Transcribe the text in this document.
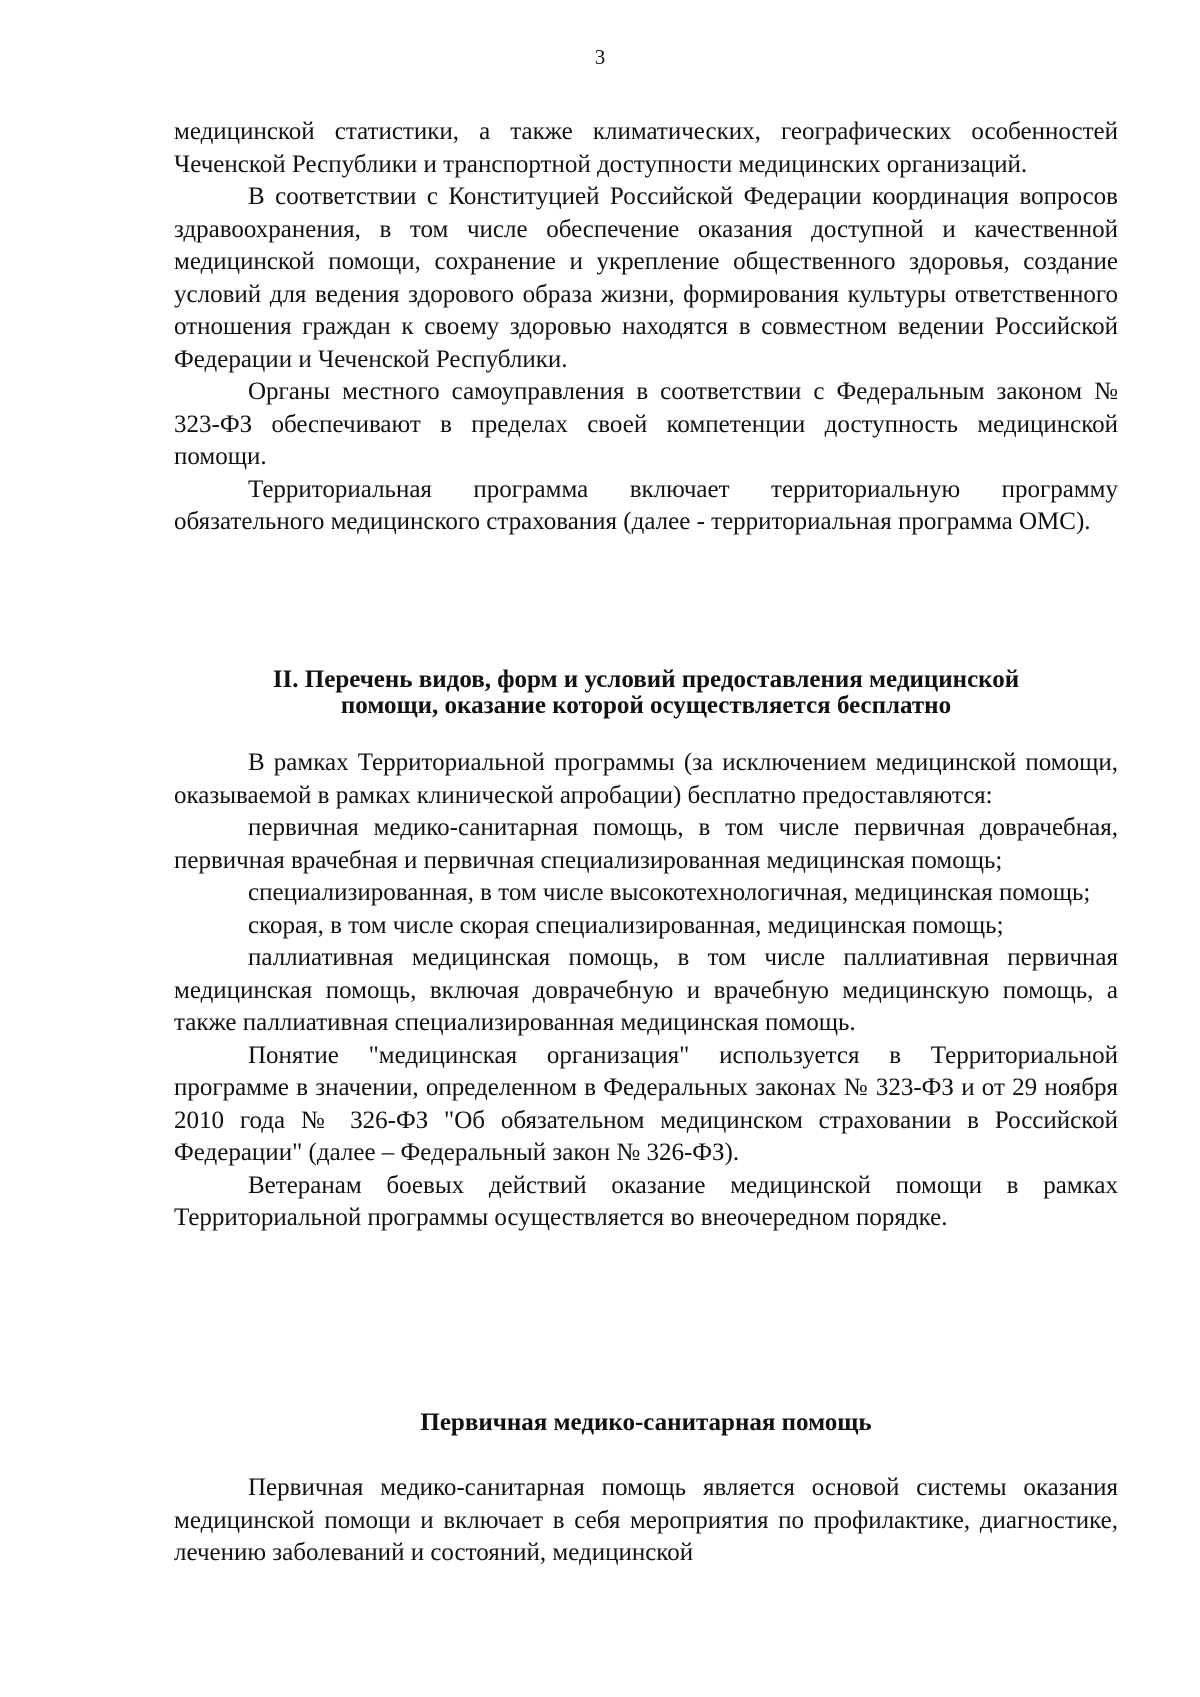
3

медицинской статистики, а также климатических, географических особенностей Чеченской Республики и транспортной доступности медицинских организаций.

В соответствии с Конституцией Российской Федерации координация вопросов здравоохранения, в том числе обеспечение оказания доступной и качественной медицинской помощи, сохранение и укрепление общественного здоровья, создание условий для ведения здорового образа жизни, формирования культуры ответственного отношения граждан к своему здоровью находятся в совместном ведении Российской Федерации и Чеченской Республики.

Органы местного самоуправления в соответствии с Федеральным законом № 323-ФЗ обеспечивают в пределах своей компетенции доступность медицинской помощи.

Территориальная программа включает территориальную программу обязательного медицинского страхования (далее - территориальная программа ОМС).

II. Перечень видов, форм и условий предоставления медицинской
помощи, оказание которой осуществляется бесплатно

В рамках Территориальной программы (за исключением медицинской помощи, оказываемой в рамках клинической апробации) бесплатно предоставляются:

первичная медико-санитарная помощь, в том числе первичная доврачебная, первичная врачебная и первичная специализированная медицинская помощь;

специализированная, в том числе высокотехнологичная, медицинская помощь;

скорая, в том числе скорая специализированная, медицинская помощь;

паллиативная медицинская помощь, в том числе паллиативная первичная медицинская помощь, включая доврачебную и врачебную медицинскую помощь, а также паллиативная специализированная медицинская помощь.

Понятие "медицинская организация" используется в Территориальной программе в значении, определенном в Федеральных законах № 323-ФЗ и от 29 ноября 2010 года № 326-ФЗ "Об обязательном медицинском страховании в Российской Федерации" (далее – Федеральный закон № 326-ФЗ).

Ветеранам боевых действий оказание медицинской помощи в рамках Территориальной программы осуществляется во внеочередном порядке.

Первичная медико-санитарная помощь

Первичная медико-санитарная помощь является основой системы оказания медицинской помощи и включает в себя мероприятия по профилактике, диагностике, лечению заболеваний и состояний, медицинской
